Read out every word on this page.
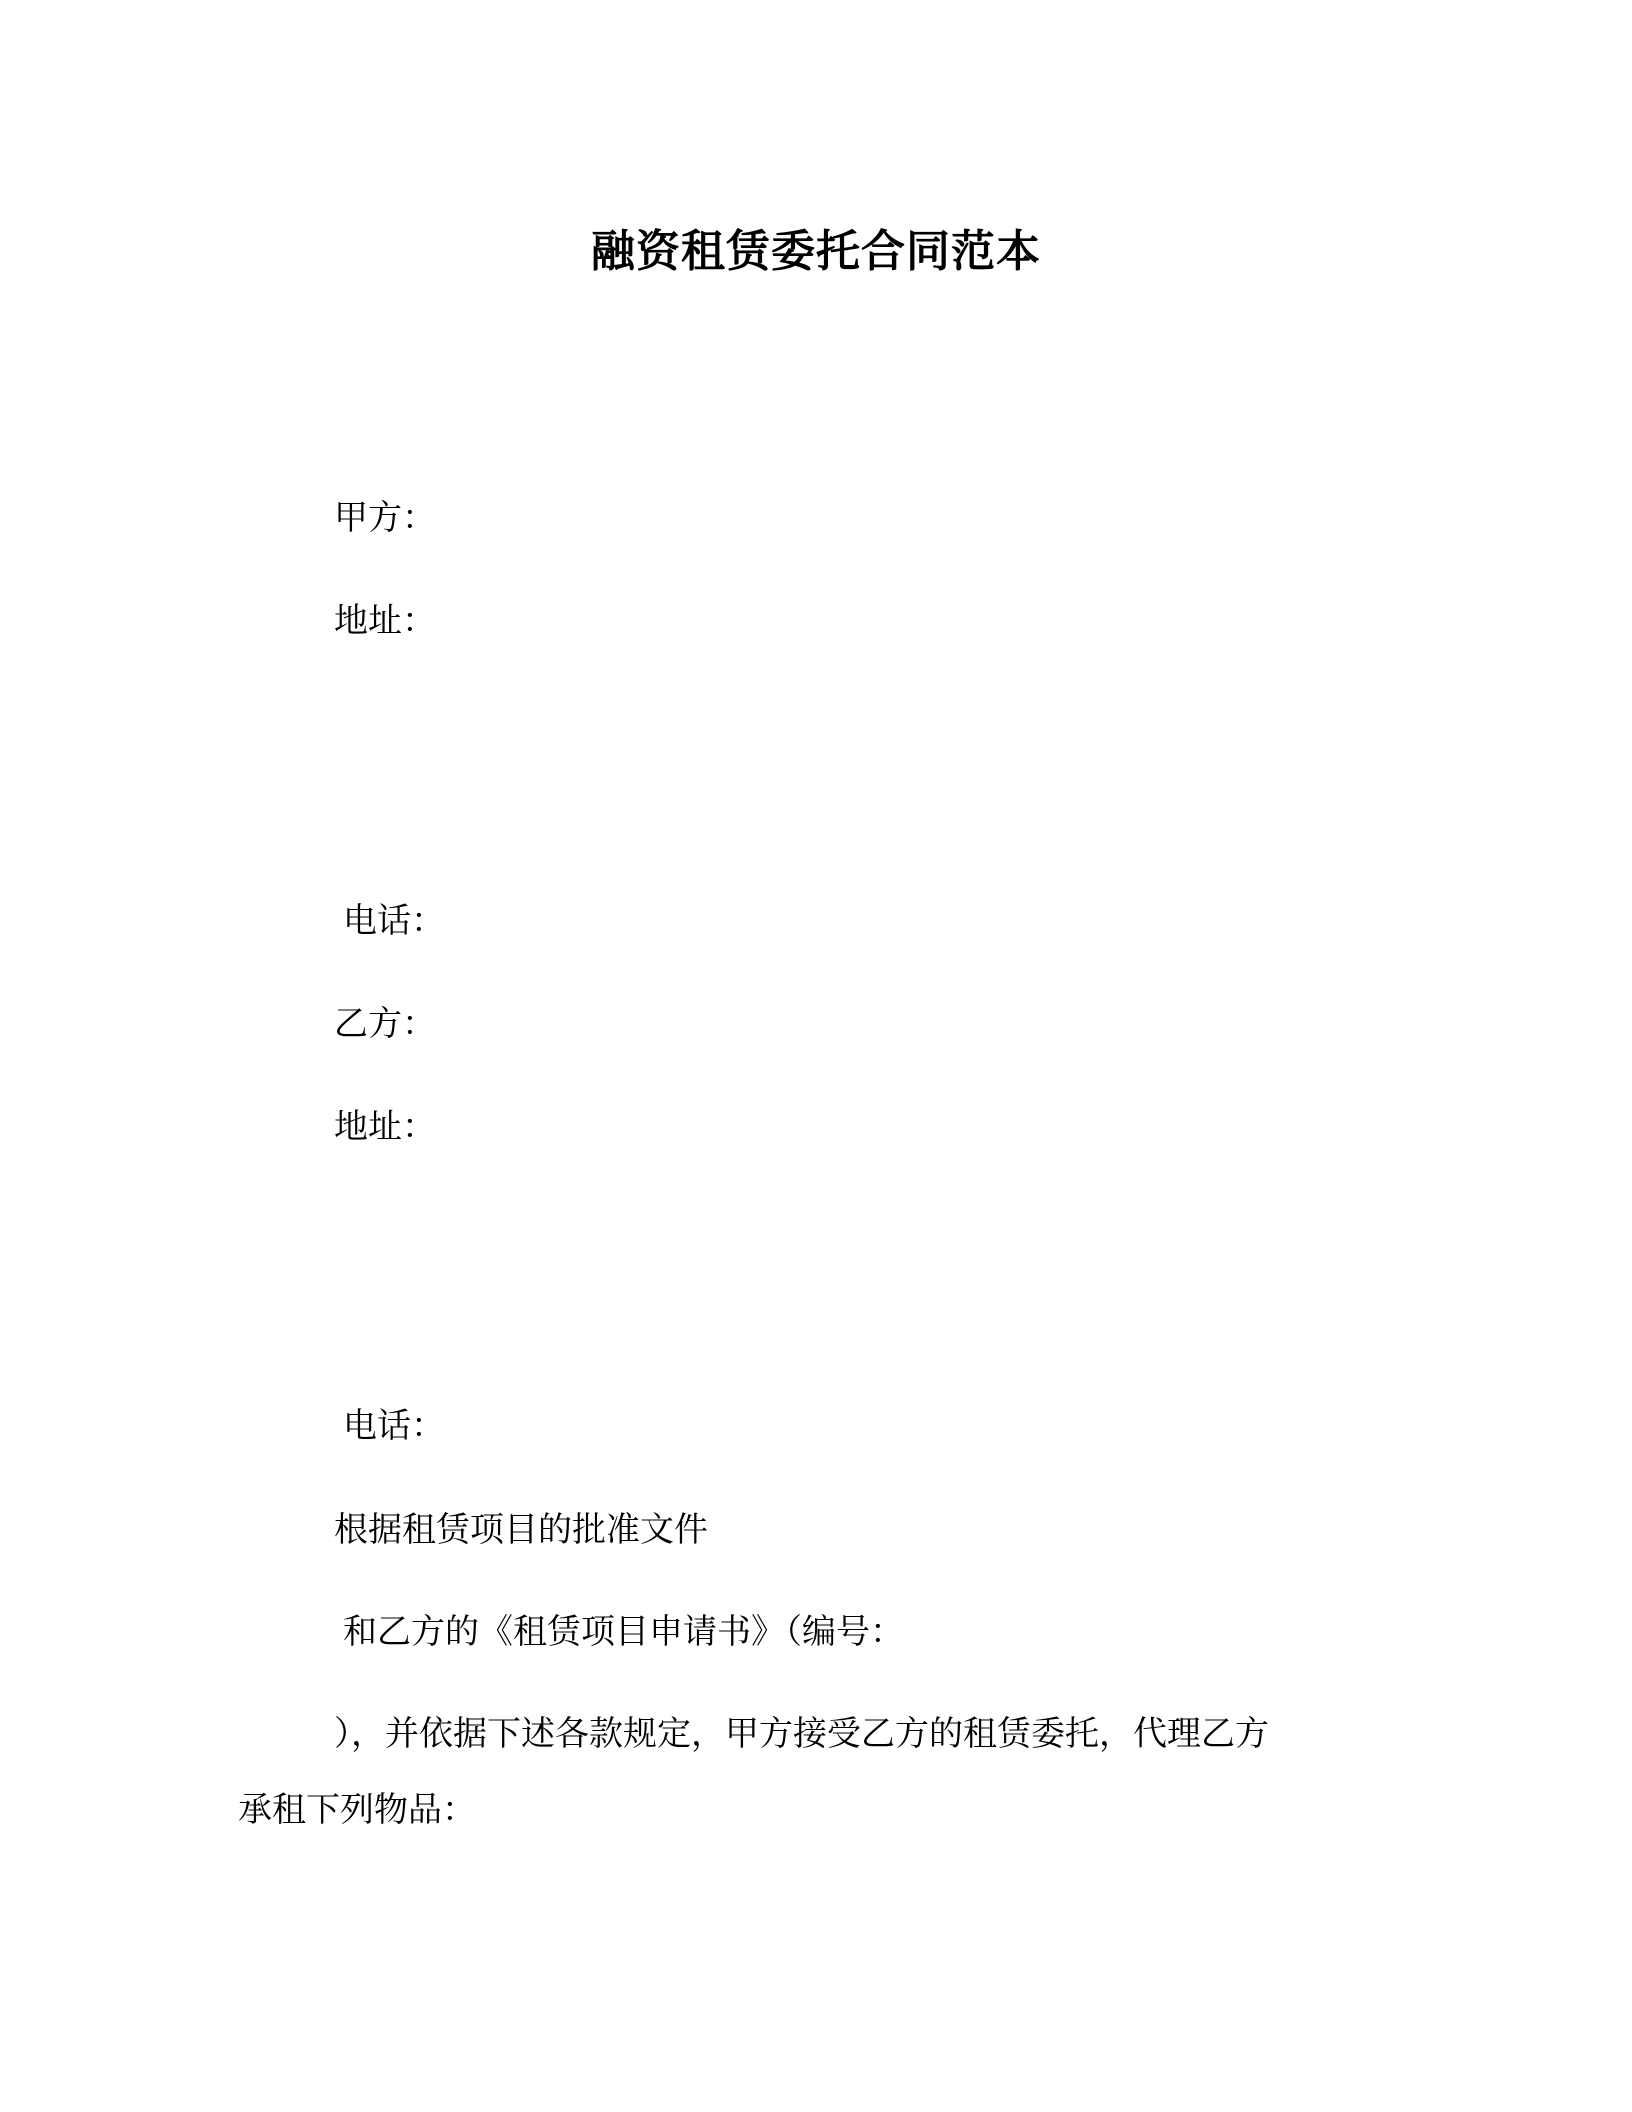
融资租赁委托合同范本
甲方：
地址：
电话：
乙方：
地址：
电话：
根据租赁项目的批准文件
和乙方的《租赁项目申请书》（编号：
），并依据下述各款规定，甲方接受乙方的租赁委托，代理乙方
承租下列物品：
